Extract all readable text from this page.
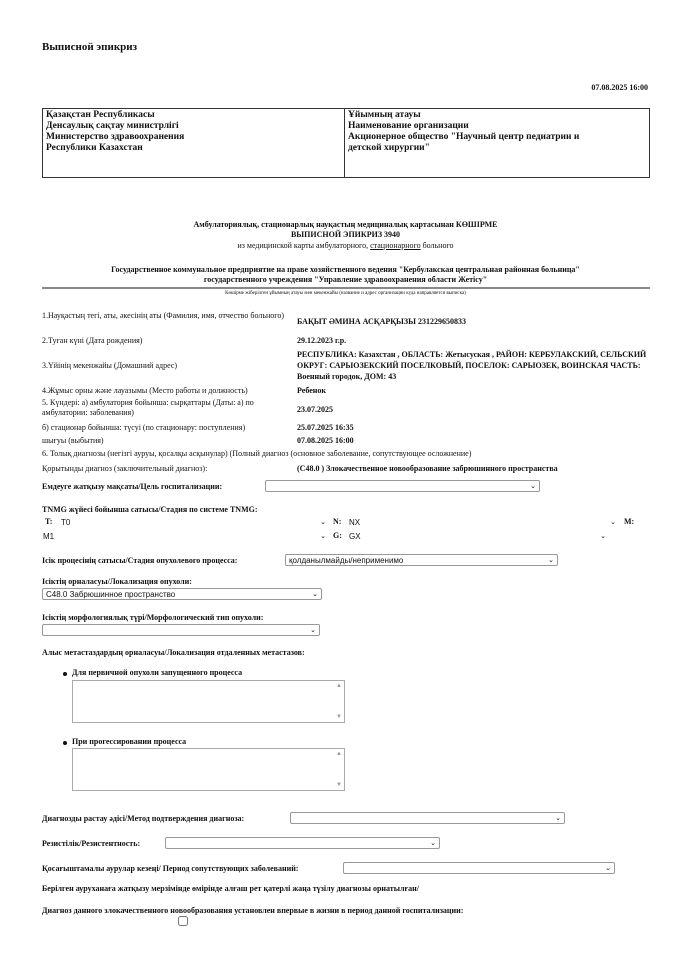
Выписной эпикриз
07.08.2025 16:00
Қазақстан Республикасы
Денсаулық сақтау министрлігі
Министерство здравоохранения
Республики Казахстан

Ұйымның атауы
Наименование организации
Акционерное общество "Научный центр педиатрии и
детской хирургии"
Амбулаториялық, стационарлық науқастың медициналық картасынан КӨШІРМЕ
ВЫПИСНОЙ ЭПИКРИЗ 3940
из медицинской карты амбулаторного, стационарного больного
Государственное коммунальное предприятие на праве хозяйственного ведения "Кербулакская центральная районная больница"
государственного учреждения "Управление здравоохранения области Жетісу"
Көшірме жіберілген ұйымның атауы мен мекенжайы (название и адрес организации куда направляется выписка)
1.Науқастың тегі, аты, әкесінің аты (Фамилия, имя, отчество больного)
БАҚЫТ ӘМИНА АСҚАРҚЫЗЫ 231229650833
2.Туған күні (Дата рождения)	29.12.2023 г.р.
3.Үйінің мекенжайы (Домашний адрес)
РЕСПУБЛИКА: Казахстан , ОБЛАСТЬ: Жетысуская , РАЙОН: КЕРБУЛАКСКИЙ, СЕЛЬСКИЙ ОКРУГ: САРЫОЗЕКСКИЙ ПОСЕЛКОВЫЙ, ПОСЕЛОК: САРЫОЗЕК, ВОИНСКАЯ ЧАСТЬ: Военный городок, ДОМ: 43
4.Жұмыс орны және лауазымы (Место работы и должность)	Ребенок
5. Күндері: а) амбулатория бойынша: сырқаттары (Даты: а) по амбулатории: заболевания)	23.07.2025
б) стационар бойынша: түсуі (по стационару: поступления)	25.07.2025 16:35
шығуы (выбытия)	07.08.2025 16:00
6. Толық диагнозы (негізгі ауруы, қосалқы асқынулар) (Полный диагноз (основное заболевание, сопутствующее осложнение)
Қорытынды диагноз (заключительный диагноз):	(C48.0 ) Злокачественное новообразование забрюшинного пространства
Емдеуге жатқызу мақсаты/Цель госпитализации:	⌄
TNMG жүйесі бойынша сатысы/Стадия по системе TNMG:
T:	T0	⌄ N: NX	⌄ M:
M1	⌄ G: GX	⌄
Ісік процесінің сатысы/Стадия опухолевого процесса:	қолданылмайды/неприменимо	⌄
Ісіктің орналасуы/Локализация опухоли:
C48.0 Забрюшинное пространство	⌄
Ісіктің морфологиялық түрі/Морфологический тип опухоли:
⌄
Алыс метастаздардың орналасуы/Локализация отдаленных метастазов:
Для первичной опухоли запущенного процесса
▲
▼
При прогессировании процесса
▲
▼
Диагнозды растау әдісі/Метод подтверждения диагноза:	⌄
Резистілік/Резистентность:	⌄
Қосағыштамалы аурулар кезеңі/ Период сопутствующих заболеваний:	⌄
Берілген ауруханаға жатқызу мерзімінде өмірінде алғаш рет қатерлі жаңа түзілу диагнозы орнатылған/
Диагноз данного злокачественного новообразования установлен впервые в жизни в период данной госпитализации:
